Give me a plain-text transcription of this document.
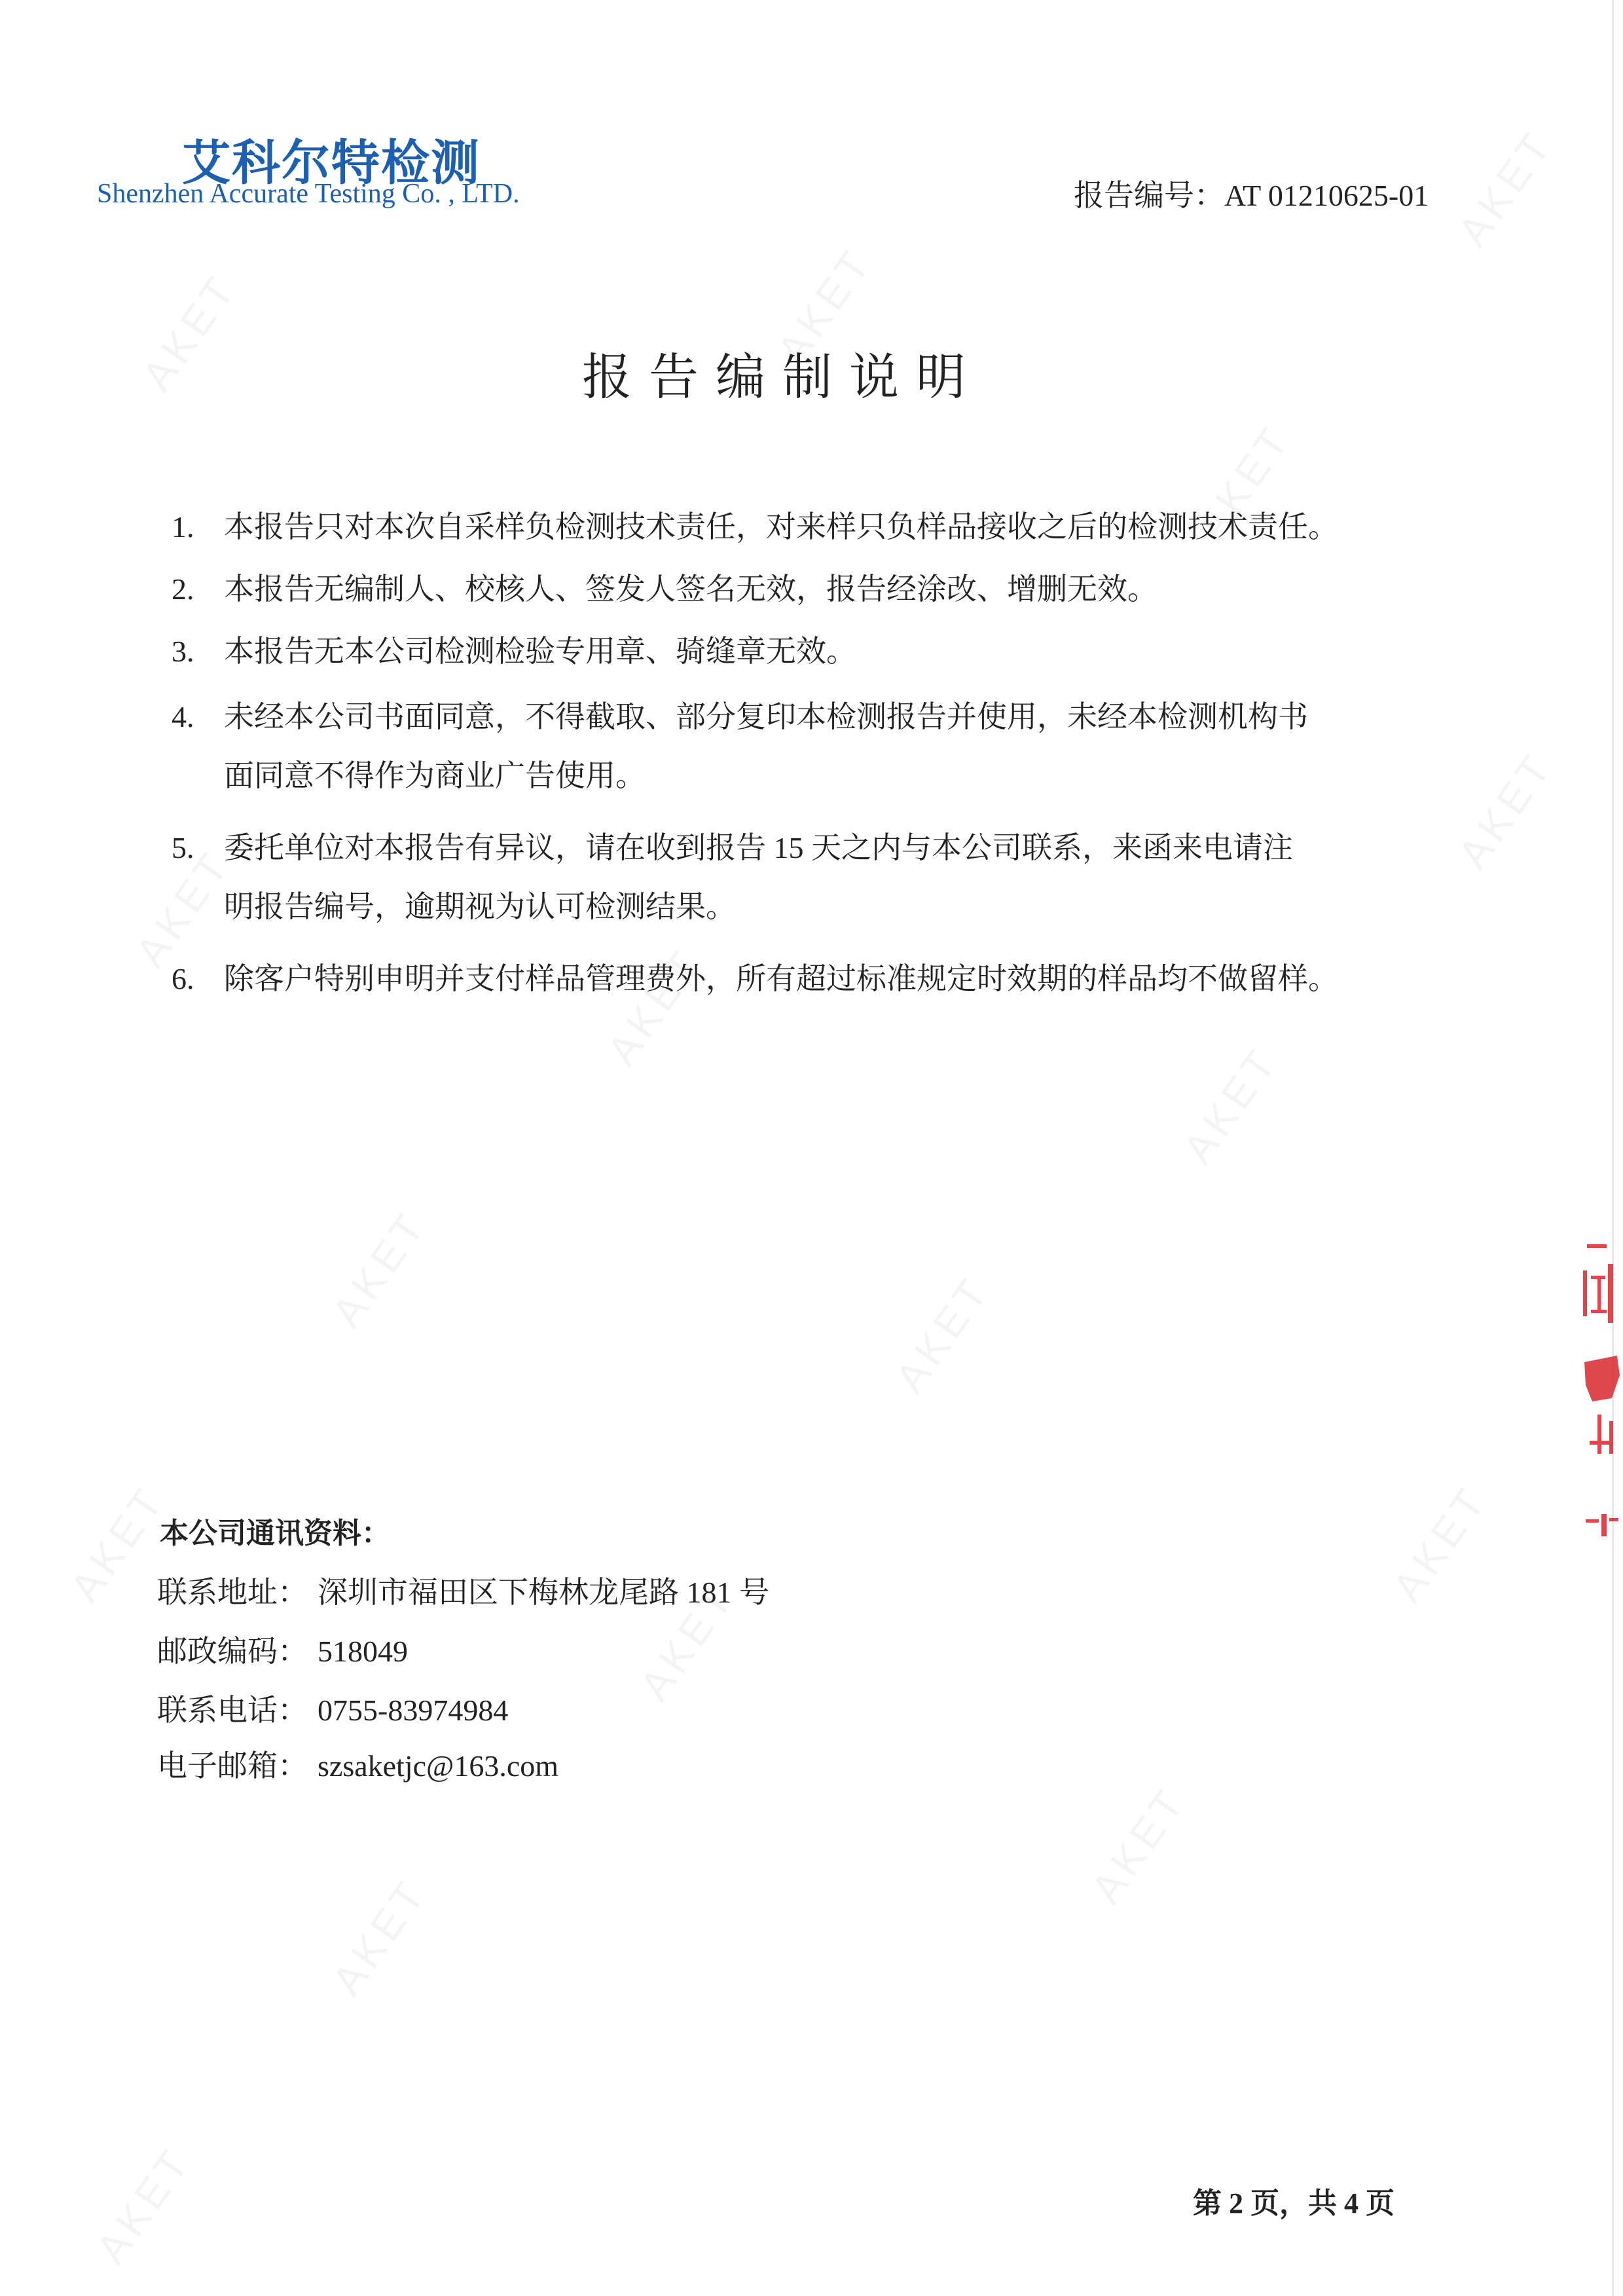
艾科尔特检测
Shenzhen Accurate Testing Co. , LTD.	报告编号：AT 01210625-01
报告编制说明
1. 本报告只对本次自采样负检测技术责任，对来样只负样品接收之后的检测技术责任。
2. 本报告无编制人、校核人、签发人签名无效，报告经涂改、增删无效。
3. 本报告无本公司检测检验专用章、骑缝章无效。
4. 未经本公司书面同意，不得截取、部分复印本检测报告并使用，未经本检测机构书
面同意不得作为商业广告使用。
5. 委托单位对本报告有异议，请在收到报告 15 天之内与本公司联系，来函来电请注
明报告编号，逾期视为认可检测结果。
6. 除客户特别申明并支付样品管理费外，所有超过标准规定时效期的样品均不做留样。
本公司通讯资料：
联系地址： 深圳市福田区下梅林龙尾路 181 号
邮政编码： 518049
联系电话： 0755-83974984
电子邮箱： szsaketjc@163.com
第 2 页，共 4 页
